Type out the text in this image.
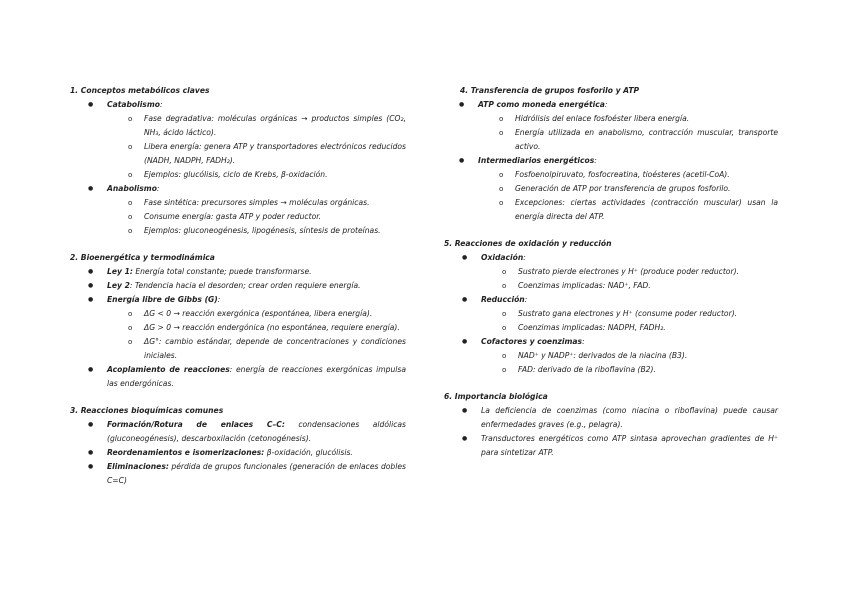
1. Conceptos metabólicos claves
● Catabolismo:
o Fase degradativa: moléculas orgánicas → productos simples (CO₂, NH₃, ácido láctico).
o Libera energía: genera ATP y transportadores electrónicos reducidos (NADH, NADPH, FADH₂).
o Ejemplos: glucólisis, ciclo de Krebs, β-oxidación.
● Anabolismo:
o Fase sintética: precursores simples → moléculas orgánicas.
o Consume energía: gasta ATP y poder reductor.
o Ejemplos: gluconeogénesis, lipogénesis, síntesis de proteínas.
2. Bioenergética y termodinámica
● Ley 1: Energía total constante; puede transformarse.
● Ley 2: Tendencia hacia el desorden; crear orden requiere energía.
● Energía libre de Gibbs (G):
o ΔG < 0 → reacción exergónica (espontánea, libera energía).
o ΔG > 0 → reacción endergónica (no espontánea, requiere energía).
o ΔG°: cambio estándar, depende de concentraciones y condiciones iniciales.
● Acoplamiento de reacciones: energía de reacciones exergónicas impulsa las endergónicas.
3. Reacciones bioquímicas comunes
● Formación/Rotura de enlaces C–C: condensaciones aldólicas (gluconeogénesis), descarboxilación (cetonogénesis).
● Reordenamientos e isomerizaciones: β-oxidación, glucólisis.
● Eliminaciones: pérdida de grupos funcionales (generación de enlaces dobles C=C)
4. Transferencia de grupos fosforilo y ATP
● ATP como moneda energética:
o Hidrólisis del enlace fosfoéster libera energía.
o Energía utilizada en anabolismo, contracción muscular, transporte activo.
● Intermediarios energéticos:
o Fosfoenolpiruvato, fosfocreatina, tioésteres (acetil-CoA).
o Generación de ATP por transferencia de grupos fosforilo.
o Excepciones: ciertas actividades (contracción muscular) usan la energía directa del ATP.
5. Reacciones de oxidación y reducción
● Oxidación:
o Sustrato pierde electrones y H⁺ (produce poder reductor).
o Coenzimas implicadas: NAD⁺, FAD.
● Reducción:
o Sustrato gana electrones y H⁺ (consume poder reductor).
o Coenzimas implicadas: NADPH, FADH₂.
● Cofactores y coenzimas:
o NAD⁺ y NADP⁺: derivados de la niacina (B3).
o FAD: derivado de la riboflavina (B2).
6. Importancia biológica
● La deficiencia de coenzimas (como niacina o riboflavina) puede causar enfermedades graves (e.g., pelagra).
● Transductores energéticos como ATP sintasa aprovechan gradientes de H⁺ para sintetizar ATP.
